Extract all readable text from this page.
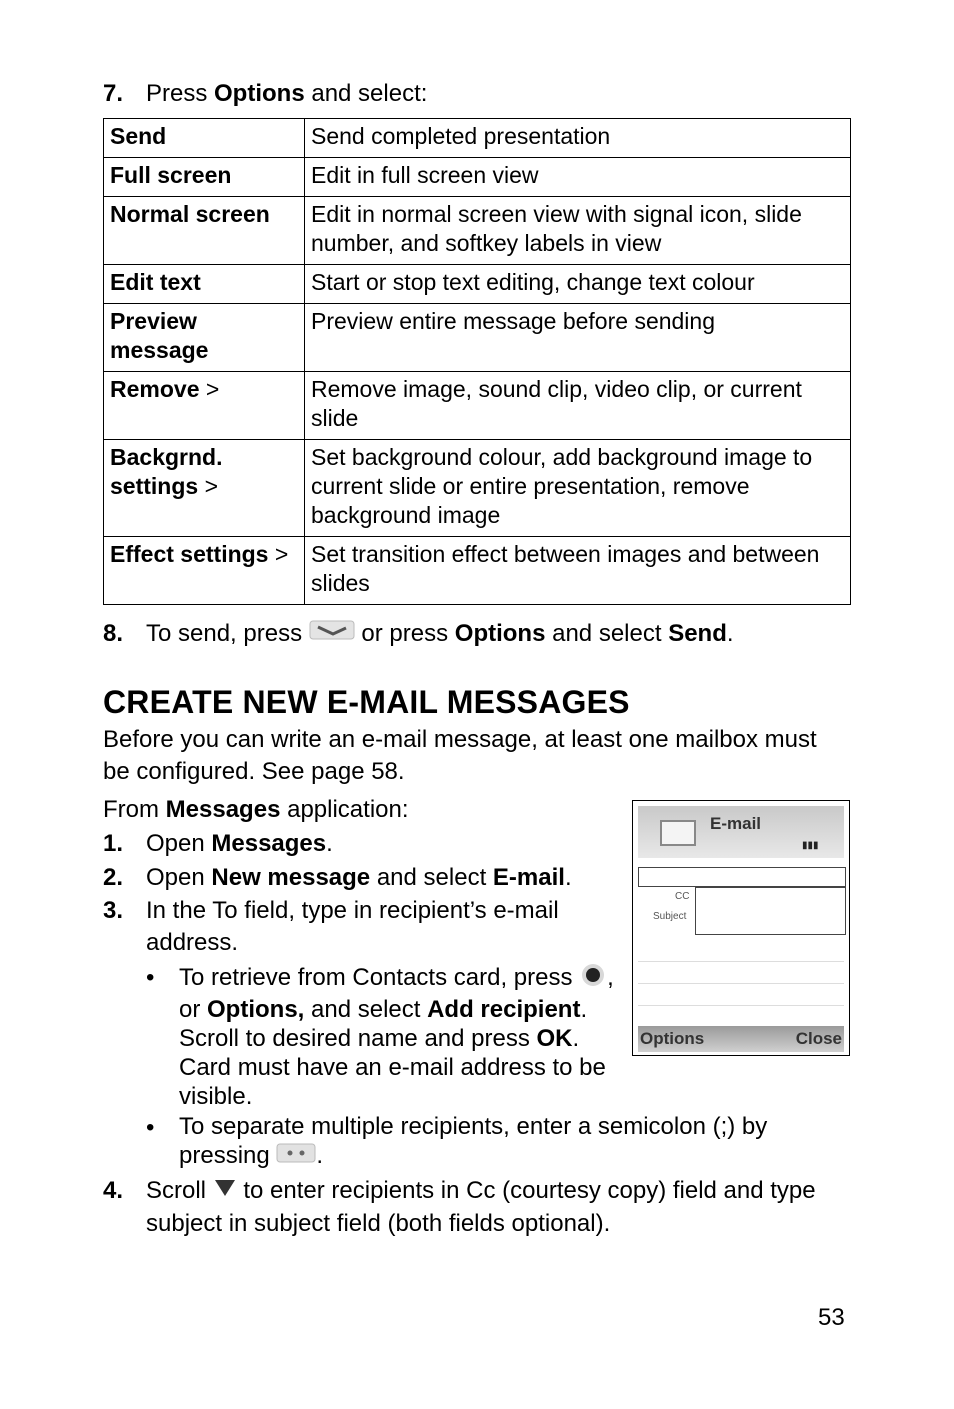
7. Press Options and select:
Send	Send completed presentation
Full screen	Edit in full screen view
Normal screen	Edit in normal screen view with signal icon, slide number, and softkey labels in view
Edit text	Start or stop text editing, change text colour
Preview message	Preview entire message before sending
Remove >	Remove image, sound clip, video clip, or current slide
Backgrnd. settings >	Set background colour, add background image to current slide or entire presentation, remove background image
Effect settings >	Set transition effect between images and between slides
8. To send, press  or press Options and select Send.
CREATE NEW E-MAIL MESSAGES
Before you can write an e-mail message, at least one mailbox must be configured. See page 58.
From Messages application:
1. Open Messages.
2. Open New message and select E-mail.
3. In the To field, type in recipient’s e-mail address.
• To retrieve from Contacts card, press , or Options, and select Add recipient. Scroll to desired name and press OK. Card must have an e-mail address to be visible.
• To separate multiple recipients, enter a semicolon (;) by pressing .
4. Scroll  to enter recipients in Cc (courtesy copy) field and type subject in subject field (both fields optional).
E-mail
▮▮▮
CC
Subject
Options	Close
53
